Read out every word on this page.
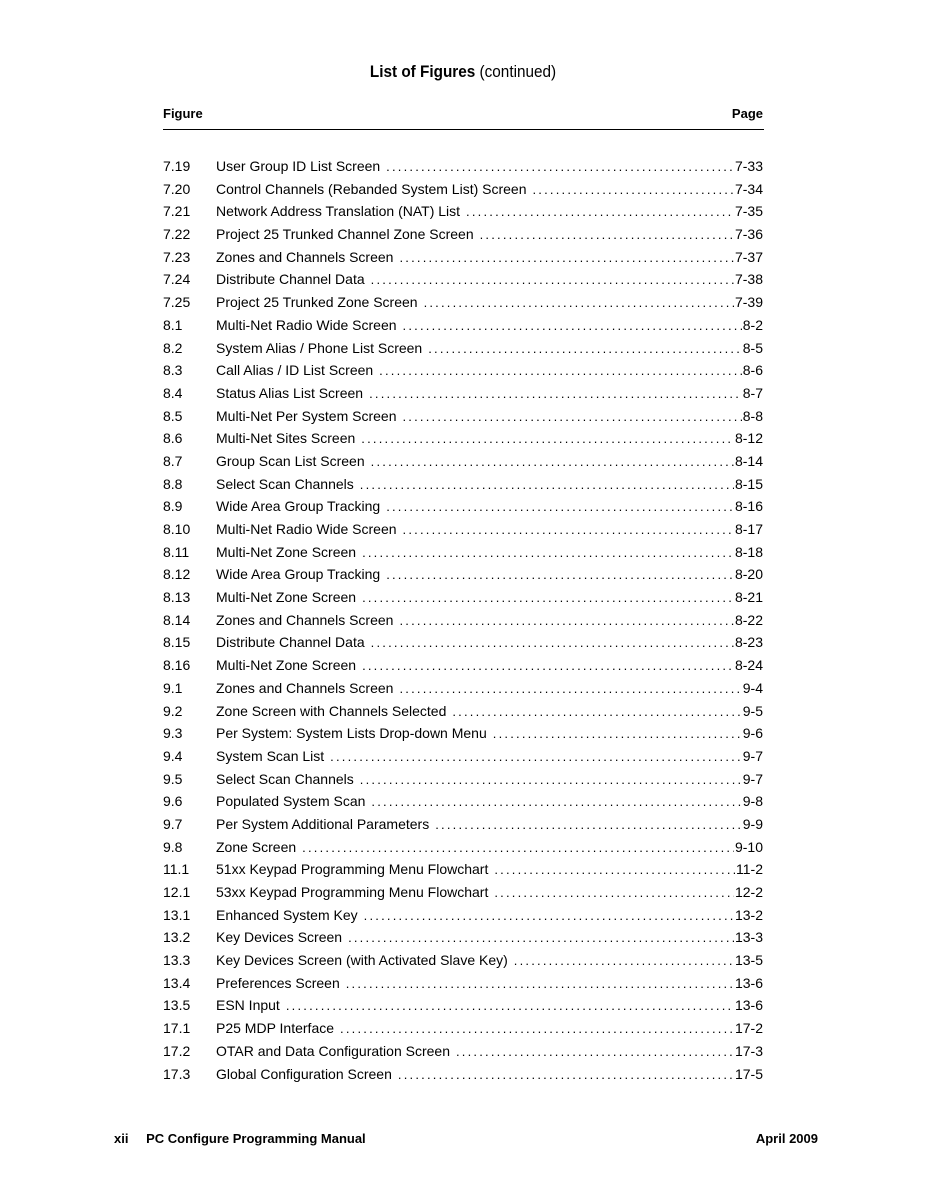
List of Figures (continued)
Figure	Page
7.19	User Group ID List Screen .....	7-33
7.20	Control Channels (Rebanded System List) Screen .....	7-34
7.21	Network Address Translation (NAT) List .....	7-35
7.22	Project 25 Trunked Channel Zone Screen .....	7-36
7.23	Zones and Channels Screen .....	7-37
7.24	Distribute Channel Data .....	7-38
7.25	Project 25 Trunked Zone Screen .....	7-39
8.1	Multi-Net Radio Wide Screen .....	8-2
8.2	System Alias / Phone List Screen .....	8-5
8.3	Call Alias / ID List Screen .....	8-6
8.4	Status Alias List Screen .....	8-7
8.5	Multi-Net Per System Screen .....	8-8
8.6	Multi-Net Sites Screen .....	8-12
8.7	Group Scan List Screen .....	8-14
8.8	Select Scan Channels .....	8-15
8.9	Wide Area Group Tracking .....	8-16
8.10	Multi-Net Radio Wide Screen .....	8-17
8.11	Multi-Net Zone Screen .....	8-18
8.12	Wide Area Group Tracking .....	8-20
8.13	Multi-Net Zone Screen .....	8-21
8.14	Zones and Channels Screen .....	8-22
8.15	Distribute Channel Data .....	8-23
8.16	Multi-Net Zone Screen .....	8-24
9.1	Zones and Channels Screen .....	9-4
9.2	Zone Screen with Channels Selected .....	9-5
9.3	Per System: System Lists Drop-down Menu .....	9-6
9.4	System Scan List .....	9-7
9.5	Select Scan Channels .....	9-7
9.6	Populated System Scan .....	9-8
9.7	Per System Additional Parameters .....	9-9
9.8	Zone Screen .....	9-10
11.1	51xx Keypad Programming Menu Flowchart .....	11-2
12.1	53xx Keypad Programming Menu Flowchart .....	12-2
13.1	Enhanced System Key .....	13-2
13.2	Key Devices Screen .....	13-3
13.3	Key Devices Screen (with Activated Slave Key) .....	13-5
13.4	Preferences Screen .....	13-6
13.5	ESN Input .....	13-6
17.1	P25 MDP Interface .....	17-2
17.2	OTAR and Data Configuration Screen .....	17-3
17.3	Global Configuration Screen .....	17-5
xii PC Configure Programming Manual	April 2009
